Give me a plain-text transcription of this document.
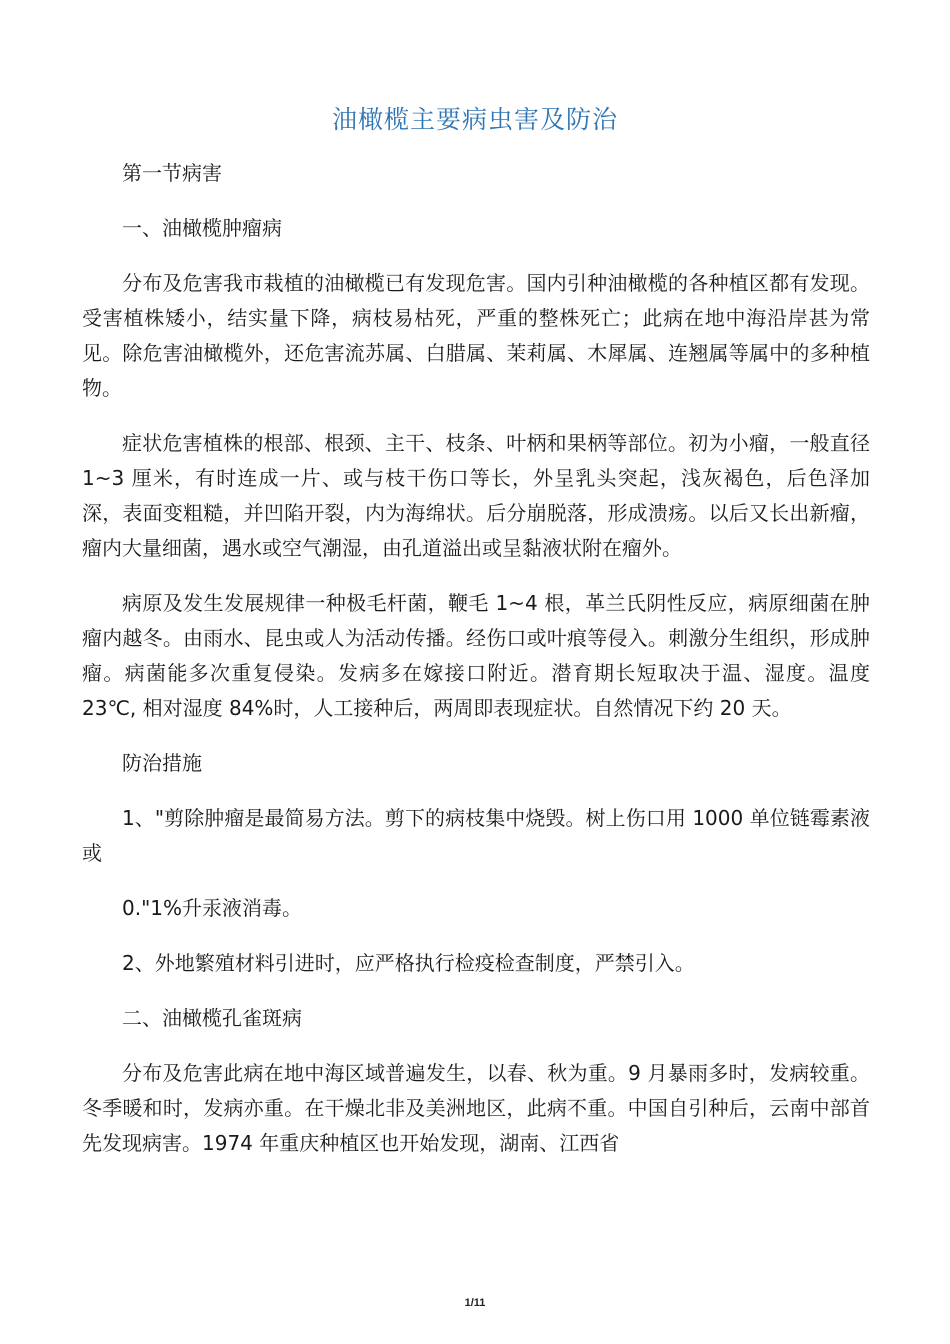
油橄榄主要病虫害及防治

第一节病害

一、油橄榄肿瘤病

分布及危害我市栽植的油橄榄已有发现危害。国内引种油橄榄的各种植区都有发现。受害植株矮小，结实量下降，病枝易枯死，严重的整株死亡；此病在地中海沿岸甚为常见。除危害油橄榄外，还危害流苏属、白腊属、茉莉属、木犀属、连翘属等属中的多种植物。

症状危害植株的根部、根颈、主干、枝条、叶柄和果柄等部位。初为小瘤，一般直径 1~3 厘米，有时连成一片、或与枝干伤口等长，外呈乳头突起，浅灰褐色，后色泽加深，表面变粗糙，并凹陷开裂，内为海绵状。后分崩脱落，形成溃疡。以后又长出新瘤，瘤内大量细菌，遇水或空气潮湿，由孔道溢出或呈黏液状附在瘤外。

病原及发生发展规律一种极毛杆菌，鞭毛 1~4 根，革兰氏阴性反应，病原细菌在肿瘤内越冬。由雨水、昆虫或人为活动传播。经伤口或叶痕等侵入。刺激分生组织，形成肿瘤。病菌能多次重复侵染。发病多在嫁接口附近。潜育期长短取决于温、湿度。温度 23℃, 相对湿度 84%时，人工接种后，两周即表现症状。自然情况下约 20 天。

防治措施

1、"剪除肿瘤是最简易方法。剪下的病枝集中烧毁。树上伤口用 1000 单位链霉素液或

0."1%升汞液消毒。

2、外地繁殖材料引进时，应严格执行检疫检查制度，严禁引入。

二、油橄榄孔雀斑病

分布及危害此病在地中海区域普遍发生，以春、秋为重。9 月暴雨多时，发病较重。冬季暖和时，发病亦重。在干燥北非及美洲地区，此病不重。中国自引种后，云南中部首先发现病害。1974 年重庆种植区也开始发现，湖南、江西省

1/11
